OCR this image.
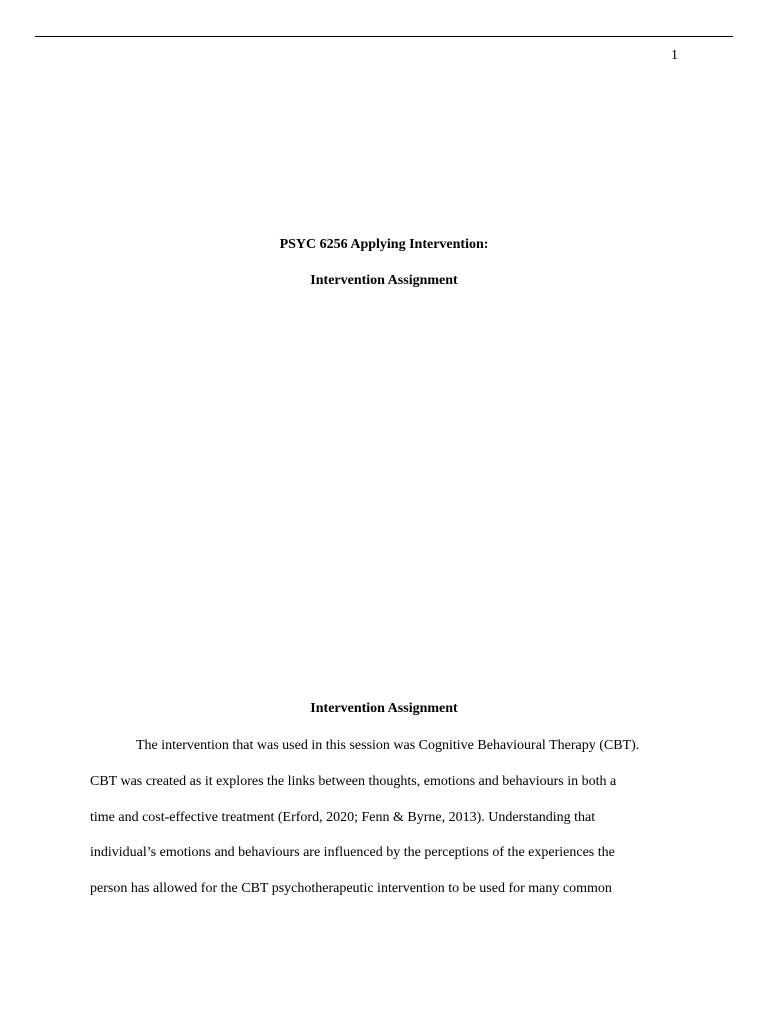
1
PSYC 6256 Applying Intervention:
Intervention Assignment
Intervention Assignment
The intervention that was used in this session was Cognitive Behavioural Therapy (CBT).
CBT was created as it explores the links between thoughts, emotions and behaviours in both a
time and cost-effective treatment (Erford, 2020; Fenn & Byrne, 2013). Understanding that
individual’s emotions and behaviours are influenced by the perceptions of the experiences the
person has allowed for the CBT psychotherapeutic intervention to be used for many common
